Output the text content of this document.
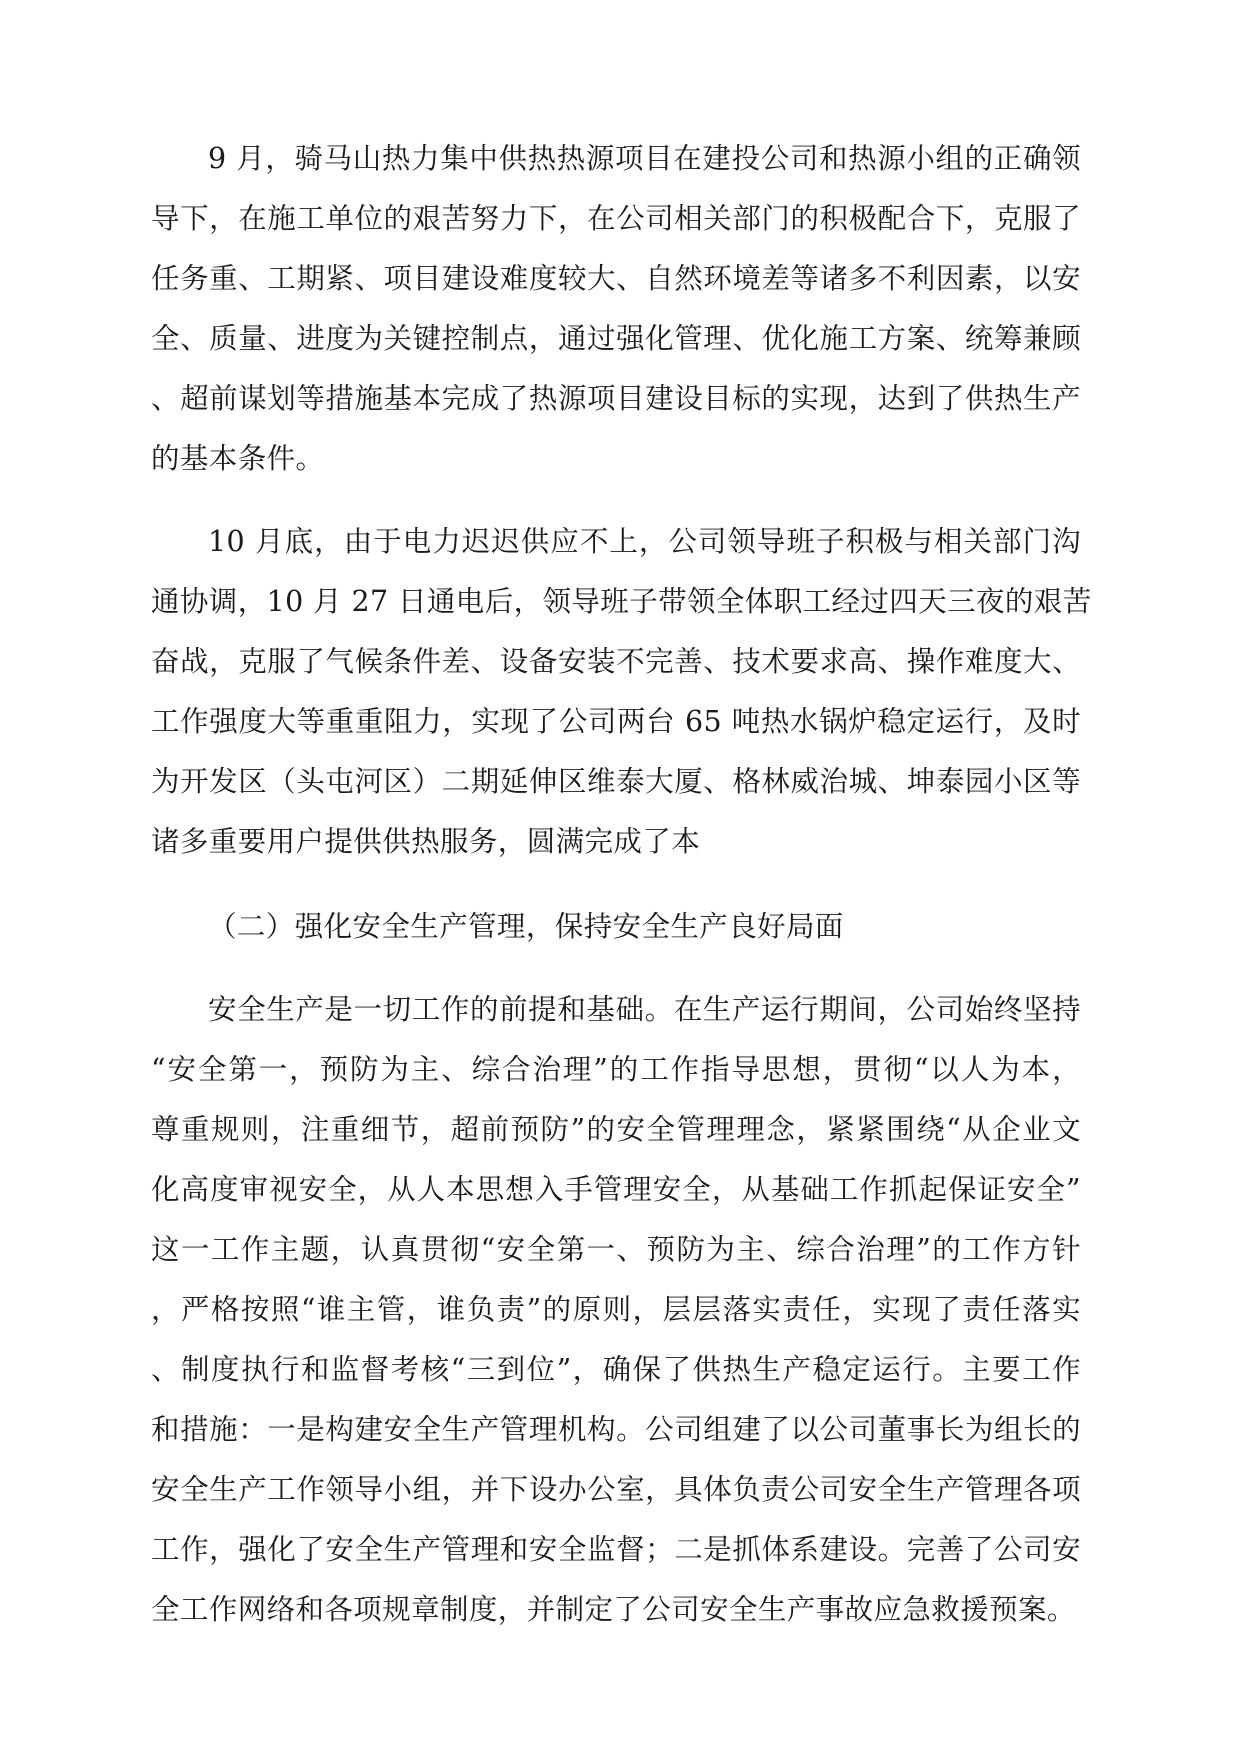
9 月，骑马山热力集中供热热源项目在建投公司和热源小组的正确领
导下，在施工单位的艰苦努力下，在公司相关部门的积极配合下，克服了
任务重、工期紧、项目建设难度较大、自然环境差等诸多不利因素，以安
全、质量、进度为关键控制点，通过强化管理、优化施工方案、统筹兼顾
、超前谋划等措施基本完成了热源项目建设目标的实现，达到了供热生产
的基本条件。
10 月底，由于电力迟迟供应不上，公司领导班子积极与相关部门沟
通协调，10 月 27 日通电后，领导班子带领全体职工经过四天三夜的艰苦
奋战，克服了气候条件差、设备安装不完善、技术要求高、操作难度大、
工作强度大等重重阻力，实现了公司两台 65 吨热水锅炉稳定运行，及时
为开发区（头屯河区）二期延伸区维泰大厦、格林威治城、坤泰园小区等
诸多重要用户提供供热服务，圆满完成了本
（二）强化安全生产管理，保持安全生产良好局面
安全生产是一切工作的前提和基础。在生产运行期间，公司始终坚持
“安全第一，预防为主、综合治理”的工作指导思想，贯彻“以人为本，
尊重规则，注重细节，超前预防”的安全管理理念，紧紧围绕“从企业文
化高度审视安全，从人本思想入手管理安全，从基础工作抓起保证安全”
这一工作主题，认真贯彻“安全第一、预防为主、综合治理”的工作方针
，严格按照“谁主管，谁负责”的原则，层层落实责任，实现了责任落实
、制度执行和监督考核“三到位”，确保了供热生产稳定运行。主要工作
和措施：一是构建安全生产管理机构。公司组建了以公司董事长为组长的
安全生产工作领导小组，并下设办公室，具体负责公司安全生产管理各项
工作，强化了安全生产管理和安全监督；二是抓体系建设。完善了公司安
全工作网络和各项规章制度，并制定了公司安全生产事故应急救援预案。
